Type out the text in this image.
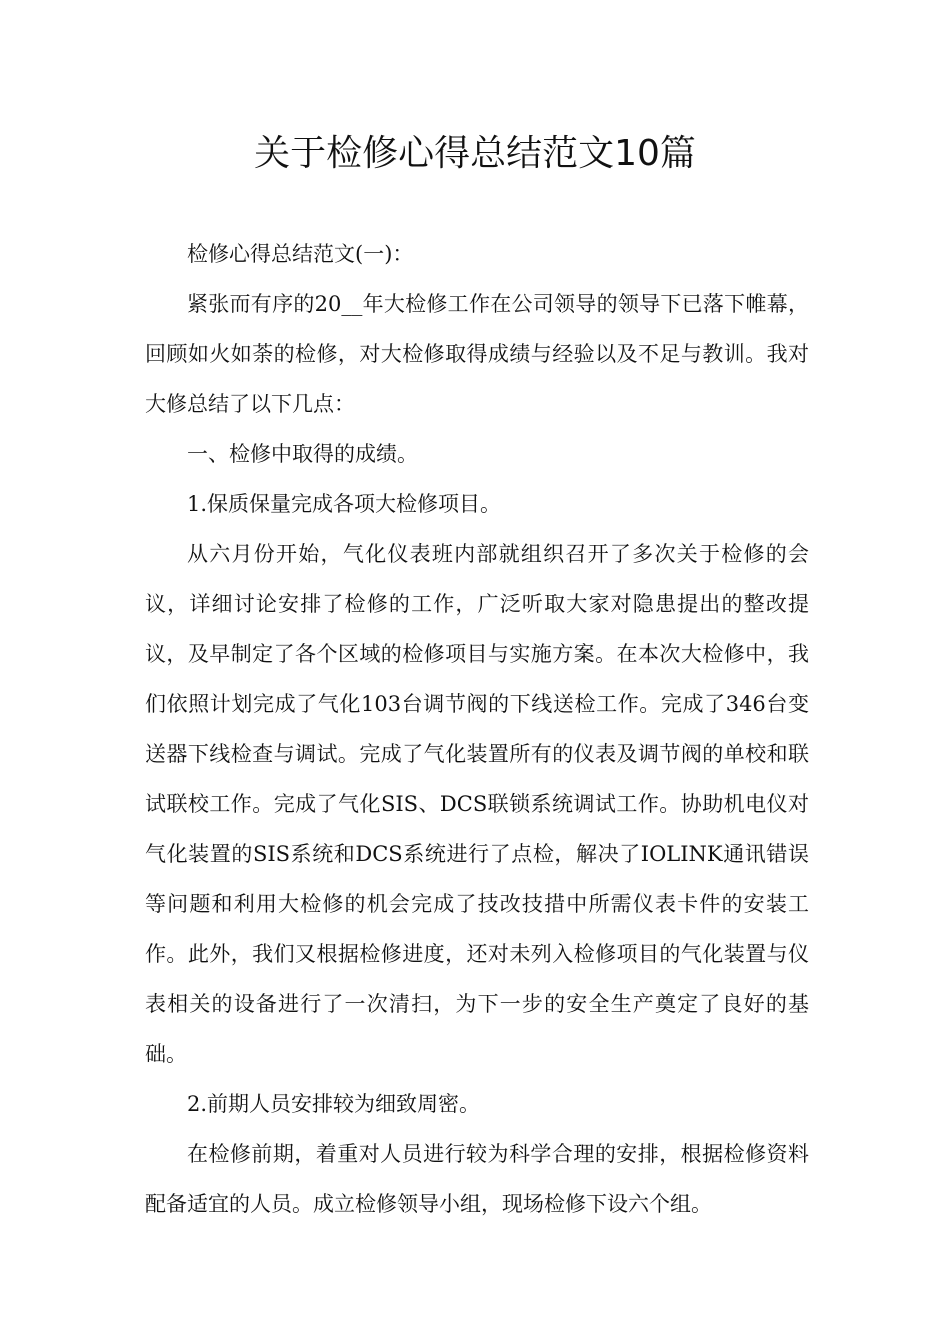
关于检修心得总结范文10篇

检修心得总结范文(一)：

紧张而有序的20__年大检修工作在公司领导的领导下已落下帷幕，回顾如火如荼的检修，对大检修取得成绩与经验以及不足与教训。我对大修总结了以下几点：

一、检修中取得的成绩。

1.保质保量完成各项大检修项目。

从六月份开始，气化仪表班内部就组织召开了多次关于检修的会议，详细讨论安排了检修的工作，广泛听取大家对隐患提出的整改提议，及早制定了各个区域的检修项目与实施方案。在本次大检修中，我们依照计划完成了气化103台调节阀的下线送检工作。完成了346台变送器下线检查与调试。完成了气化装置所有的仪表及调节阀的单校和联试联校工作。完成了气化SIS、DCS联锁系统调试工作。协助机电仪对气化装置的SIS系统和DCS系统进行了点检，解决了IOLINK通讯错误等问题和利用大检修的机会完成了技改技措中所需仪表卡件的安装工作。此外，我们又根据检修进度，还对未列入检修项目的气化装置与仪表相关的设备进行了一次清扫，为下一步的安全生产奠定了良好的基础。

2.前期人员安排较为细致周密。

在检修前期，着重对人员进行较为科学合理的安排，根据检修资料配备适宜的人员。成立检修领导小组，现场检修下设六个组。
